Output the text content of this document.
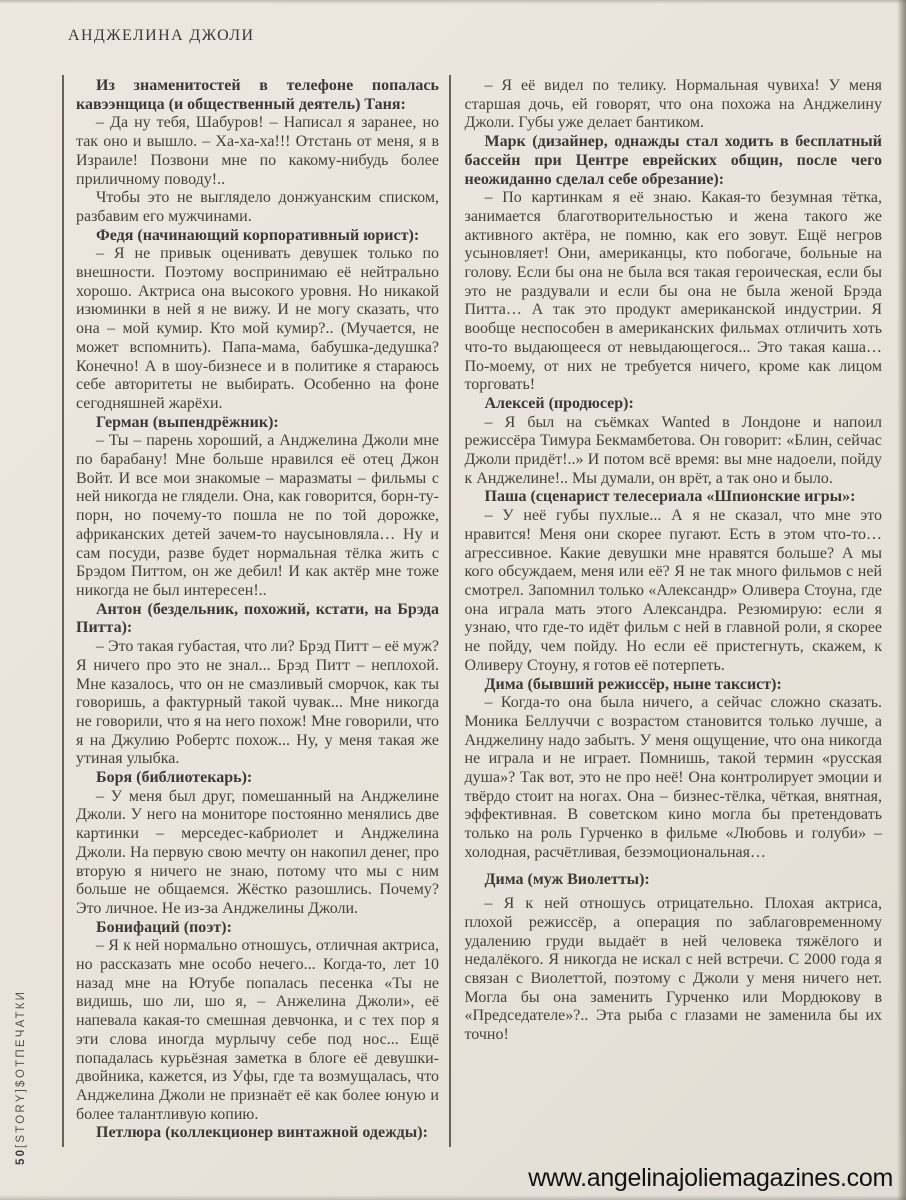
АНДЖЕЛИНА ДЖОЛИ

Из знаменитостей в телефоне попалась кавээнщица (и общественный деятель) Таня:

– Да ну тебя, Шабуров! – Написал я заранее, но так оно и вышло. – Ха-ха-ха!!! Отстань от меня, я в Израиле! Позвони мне по какому-нибудь более приличному поводу!..

Чтобы это не выглядело донжуанским списком, разбавим его мужчинами.

Федя (начинающий корпоративный юрист):

– Я не привык оценивать девушек только по внешности. Поэтому воспринимаю её нейтрально хорошо. Актриса она высокого уровня. Но никакой изюминки в ней я не вижу. И не могу сказать, что она – мой кумир. Кто мой кумир?.. (Мучается, не может вспомнить). Папа-мама, бабушка-дедушка? Конечно! А в шоу-бизнесе и в политике я стараюсь себе авторитеты не выбирать. Особенно на фоне сегодняшней жарёхи.

Герман (выпендрёжник):

– Ты – парень хороший, а Анджелина Джоли мне по барабану! Мне больше нравился её отец Джон Войт. И все мои знакомые – маразматы – фильмы с ней никогда не глядели. Она, как говорится, борн-ту-порн, но почему-то пошла не по той дорожке, африканских детей зачем-то наусыновляла… Ну и сам посуди, разве будет нормальная тёлка жить с Брэдом Питтом, он же дебил! И как актёр мне тоже никогда не был интересен!..

Антон (бездельник, похожий, кстати, на Брэда Питта):

– Это такая губастая, что ли? Брэд Питт – её муж? Я ничего про это не знал... Брэд Питт – неплохой. Мне казалось, что он не смазливый сморчок, как ты говоришь, а фактурный такой чувак... Мне никогда не говорили, что я на него похож! Мне говорили, что я на Джулию Робертс похож... Ну, у меня такая же утиная улыбка.

Боря (библиотекарь):

– У меня был друг, помешанный на Анджелине Джоли. У него на мониторе постоянно менялись две картинки – мерседес-кабриолет и Анджелина Джоли. На первую свою мечту он накопил денег, про вторую я ничего не знаю, потому что мы с ним больше не общаемся. Жёстко разошлись. Почему? Это личное. Не из-за Анджелины Джоли.

Бонифаций (поэт):

– Я к ней нормально отношусь, отличная актриса, но рассказать мне особо нечего... Когда-то, лет 10 назад мне на Ютубе попалась песенка «Ты не видишь, шо ли, шо я, – Анжелина Джоли», её напевала какая-то смешная девчонка, и с тех пор я эти слова иногда мурлычу себе под нос... Ещё попадалась курьёзная заметка в блоге её девушки-двойника, кажется, из Уфы, где та возмущалась, что Анджелина Джоли не признаёт её как более юную и более талантливую копию.

Петлюра (коллекционер винтажной одежды):

– Я её видел по телику. Нормальная чувиха! У меня старшая дочь, ей говорят, что она похожа на Анджелину Джоли. Губы уже делает бантиком.

Марк (дизайнер, однажды стал ходить в бесплатный бассейн при Центре еврейских общин, после чего неожиданно сделал себе обрезание):

– По картинкам я её знаю. Какая-то безумная тётка, занимается благотворительностью и жена такого же активного актёра, не помню, как его зовут. Ещё негров усыновляет! Они, американцы, кто побогаче, больные на голову. Если бы она не была вся такая героическая, если бы это не раздували и если бы она не была женой Брэда Питта… А так это продукт американской индустрии. Я вообще неспособен в американских фильмах отличить хоть что-то выдающееся от невыдающегося... Это такая каша… По-моему, от них не требуется ничего, кроме как лицом торговать!

Алексей (продюсер):

– Я был на съёмках Wanted в Лондоне и напоил режиссёра Тимура Бекмамбетова. Он говорит: «Блин, сейчас Джоли придёт!..» И потом всё время: вы мне надоели, пойду к Анджелине!.. Мы думали, он врёт, а так оно и было.

Паша (сценарист телесериала «Шпионские игры»:

– У неё губы пухлые... А я не сказал, что мне это нравится! Меня они скорее пугают. Есть в этом что-то… агрессивное. Какие девушки мне нравятся больше? А мы кого обсуждаем, меня или её? Я не так много фильмов с ней смотрел. Запомнил только «Александр» Оливера Стоуна, где она играла мать этого Александра. Резюмирую: если я узнаю, что где-то идёт фильм с ней в главной роли, я скорее не пойду, чем пойду. Но если её пристегнуть, скажем, к Оливеру Стоуну, я готов её потерпеть.

Дима (бывший режиссёр, ныне таксист):

– Когда-то она была ничего, а сейчас сложно сказать. Моника Беллуччи с возрастом становится только лучше, а Анджелину надо забыть. У меня ощущение, что она никогда не играла и не играет. Помнишь, такой термин «русская душа»? Так вот, это не про неё! Она контролирует эмоции и твёрдо стоит на ногах. Она – бизнес-тёлка, чёткая, внятная, эффективная. В советском кино могла бы претендовать только на роль Гурченко в фильме «Любовь и голуби» – холодная, расчётливая, безэмоциональная…

Дима (муж Виолетты):

– Я к ней отношусь отрицательно. Плохая актриса, плохой режиссёр, а операция по заблаговременному удалению груди выдаёт в ней человека тяжёлого и недалёкого. Я никогда не искал с ней встречи. С 2000 года я связан с Виолеттой, поэтому с Джоли у меня ничего нет. Могла бы она заменить Гурченко или Мордюкову в «Председателе»?.. Эта рыба с глазами не заменила бы их точно!

50
[STORY]
$
ОТПЕЧАТКИ
www.angelinajoliemagazines.com
